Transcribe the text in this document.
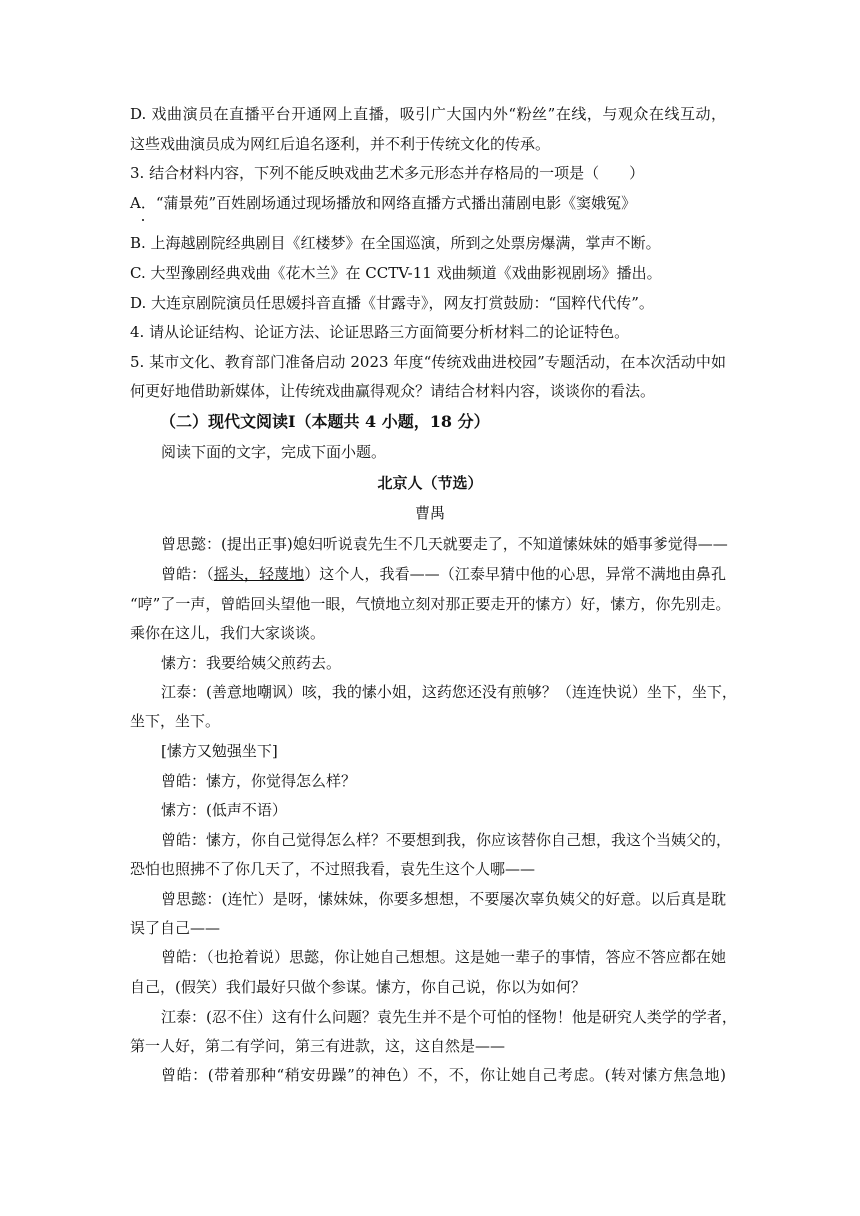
D. 戏曲演员在直播平台开通网上直播，吸引广大国内外“粉丝”在线，与观众在线互动，
这些戏曲演员成为网红后追名逐利，并不利于传统文化的传承。
3. 结合材料内容，下列不能反映戏曲艺术多元形态并存格局的一项是（　　）
A．“蒲景苑”百姓剧场通过现场播放和网络直播方式播出蒲剧电影《窦娥冤》
B. 上海越剧院经典剧目《红楼梦》在全国巡演，所到之处票房爆满，掌声不断。
C. 大型豫剧经典戏曲《花木兰》在 CCTV-11 戏曲频道《戏曲影视剧场》播出。
D. 大连京剧院演员任思媛抖音直播《甘露寺》，网友打赏鼓励：“国粹代代传”。
4. 请从论证结构、论证方法、论证思路三方面简要分析材料二的论证特色。
5. 某市文化、教育部门准备启动 2023 年度“传统戏曲进校园”专题活动，在本次活动中如
何更好地借助新媒体，让传统戏曲赢得观众？请结合材料内容，谈谈你的看法。
（二）现代文阅读Ⅰ（本题共 4 小题，18 分）
阅读下面的文字，完成下面小题。
北京人（节选）
曹禺
曾思懿：(提出正事)媳妇听说袁先生不几天就要走了，不知道愫妹妹的婚事爹觉得——
曾皓：（摇头，轻蔑地）这个人，我看——（江泰早猜中他的心思，异常不满地由鼻孔
“哼”了一声，曾皓回头望他一眼，气愤地立刻对那正要走开的愫方）好，愫方，你先别走。
乘你在这儿，我们大家谈谈。
愫方：我要给姨父煎药去。
江泰：(善意地嘲讽）咳，我的愫小姐，这药您还没有煎够？（连连快说）坐下，坐下，
坐下，坐下。
[愫方又勉强坐下]
曾皓：愫方，你觉得怎么样？
愫方：(低声不语）
曾皓：愫方，你自己觉得怎么样？不要想到我，你应该替你自己想，我这个当姨父的，
恐怕也照拂不了你几天了，不过照我看，袁先生这个人哪——
曾思懿：(连忙）是呀，愫妹妹，你要多想想，不要屡次辜负姨父的好意。以后真是耽
误了自己——
曾皓：（也抢着说）思懿，你让她自己想想。这是她一辈子的事情，答应不答应都在她
自己，(假笑）我们最好只做个参谋。愫方，你自己说，你以为如何？
江泰：(忍不住）这有什么问题？袁先生并不是个可怕的怪物！他是研究人类学的学者，
第一人好，第二有学问，第三有进款，这，这自然是——
曾皓：(带着那种“稍安毋躁”的神色）不，不，你让她自己考虑。(转对愫方焦急地)
